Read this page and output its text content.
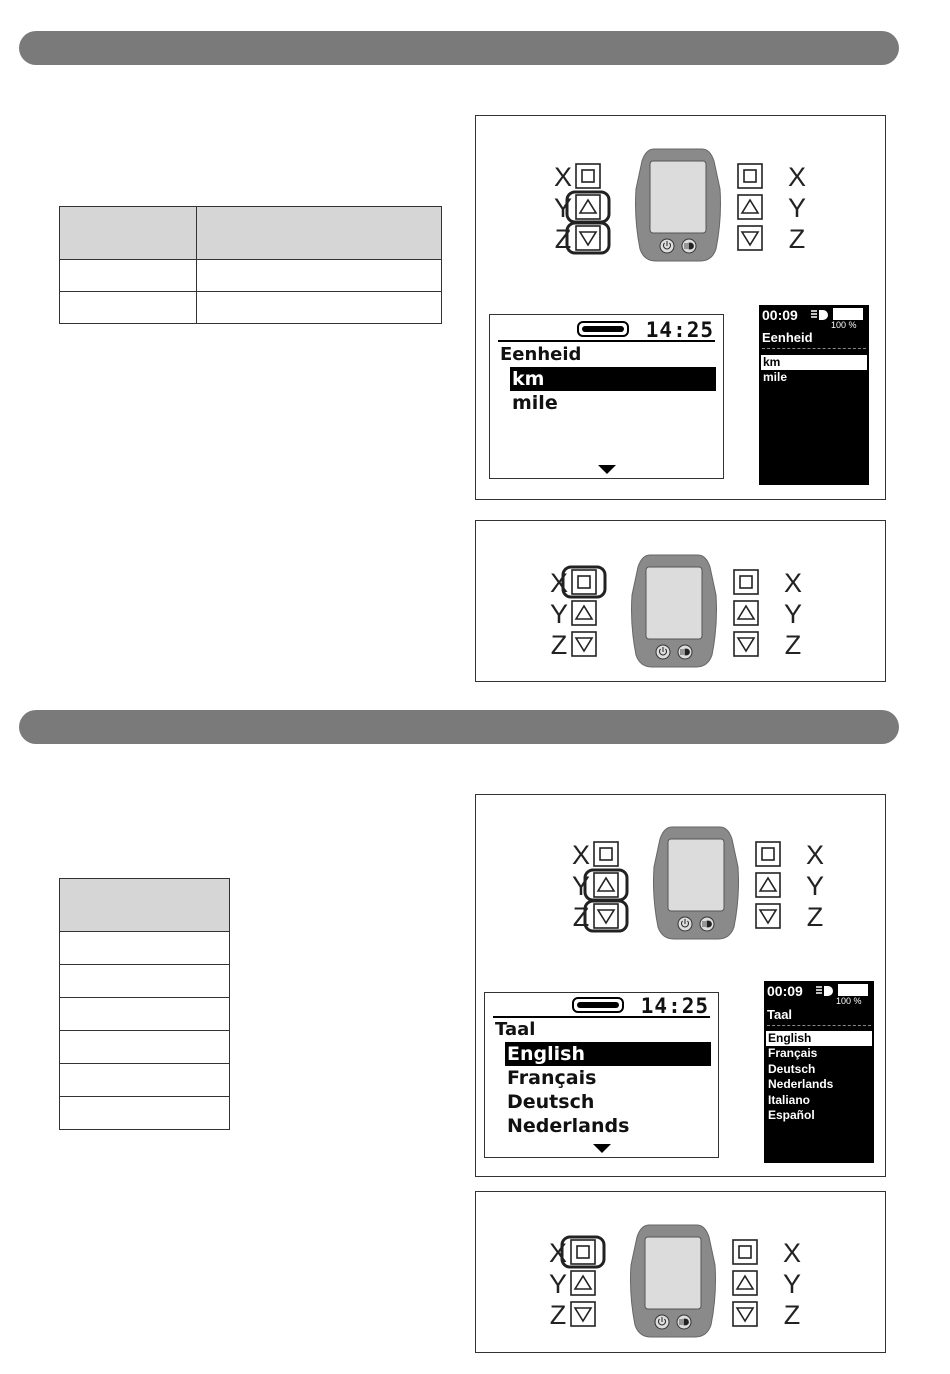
X	X
Y	Y
Z	Z
14:25
Eenheid
km
mile
00:09
100 %
Eenheid
km
mile
X	X
Y	Y
Z	Z
X	X
Y	Y
Z	Z
14:25
Taal
English
Français
Deutsch
Nederlands
00:09
100 %
Taal
English
Français
Deutsch
Nederlands
Italiano
Español
X	X
Y	Y
Z	Z
